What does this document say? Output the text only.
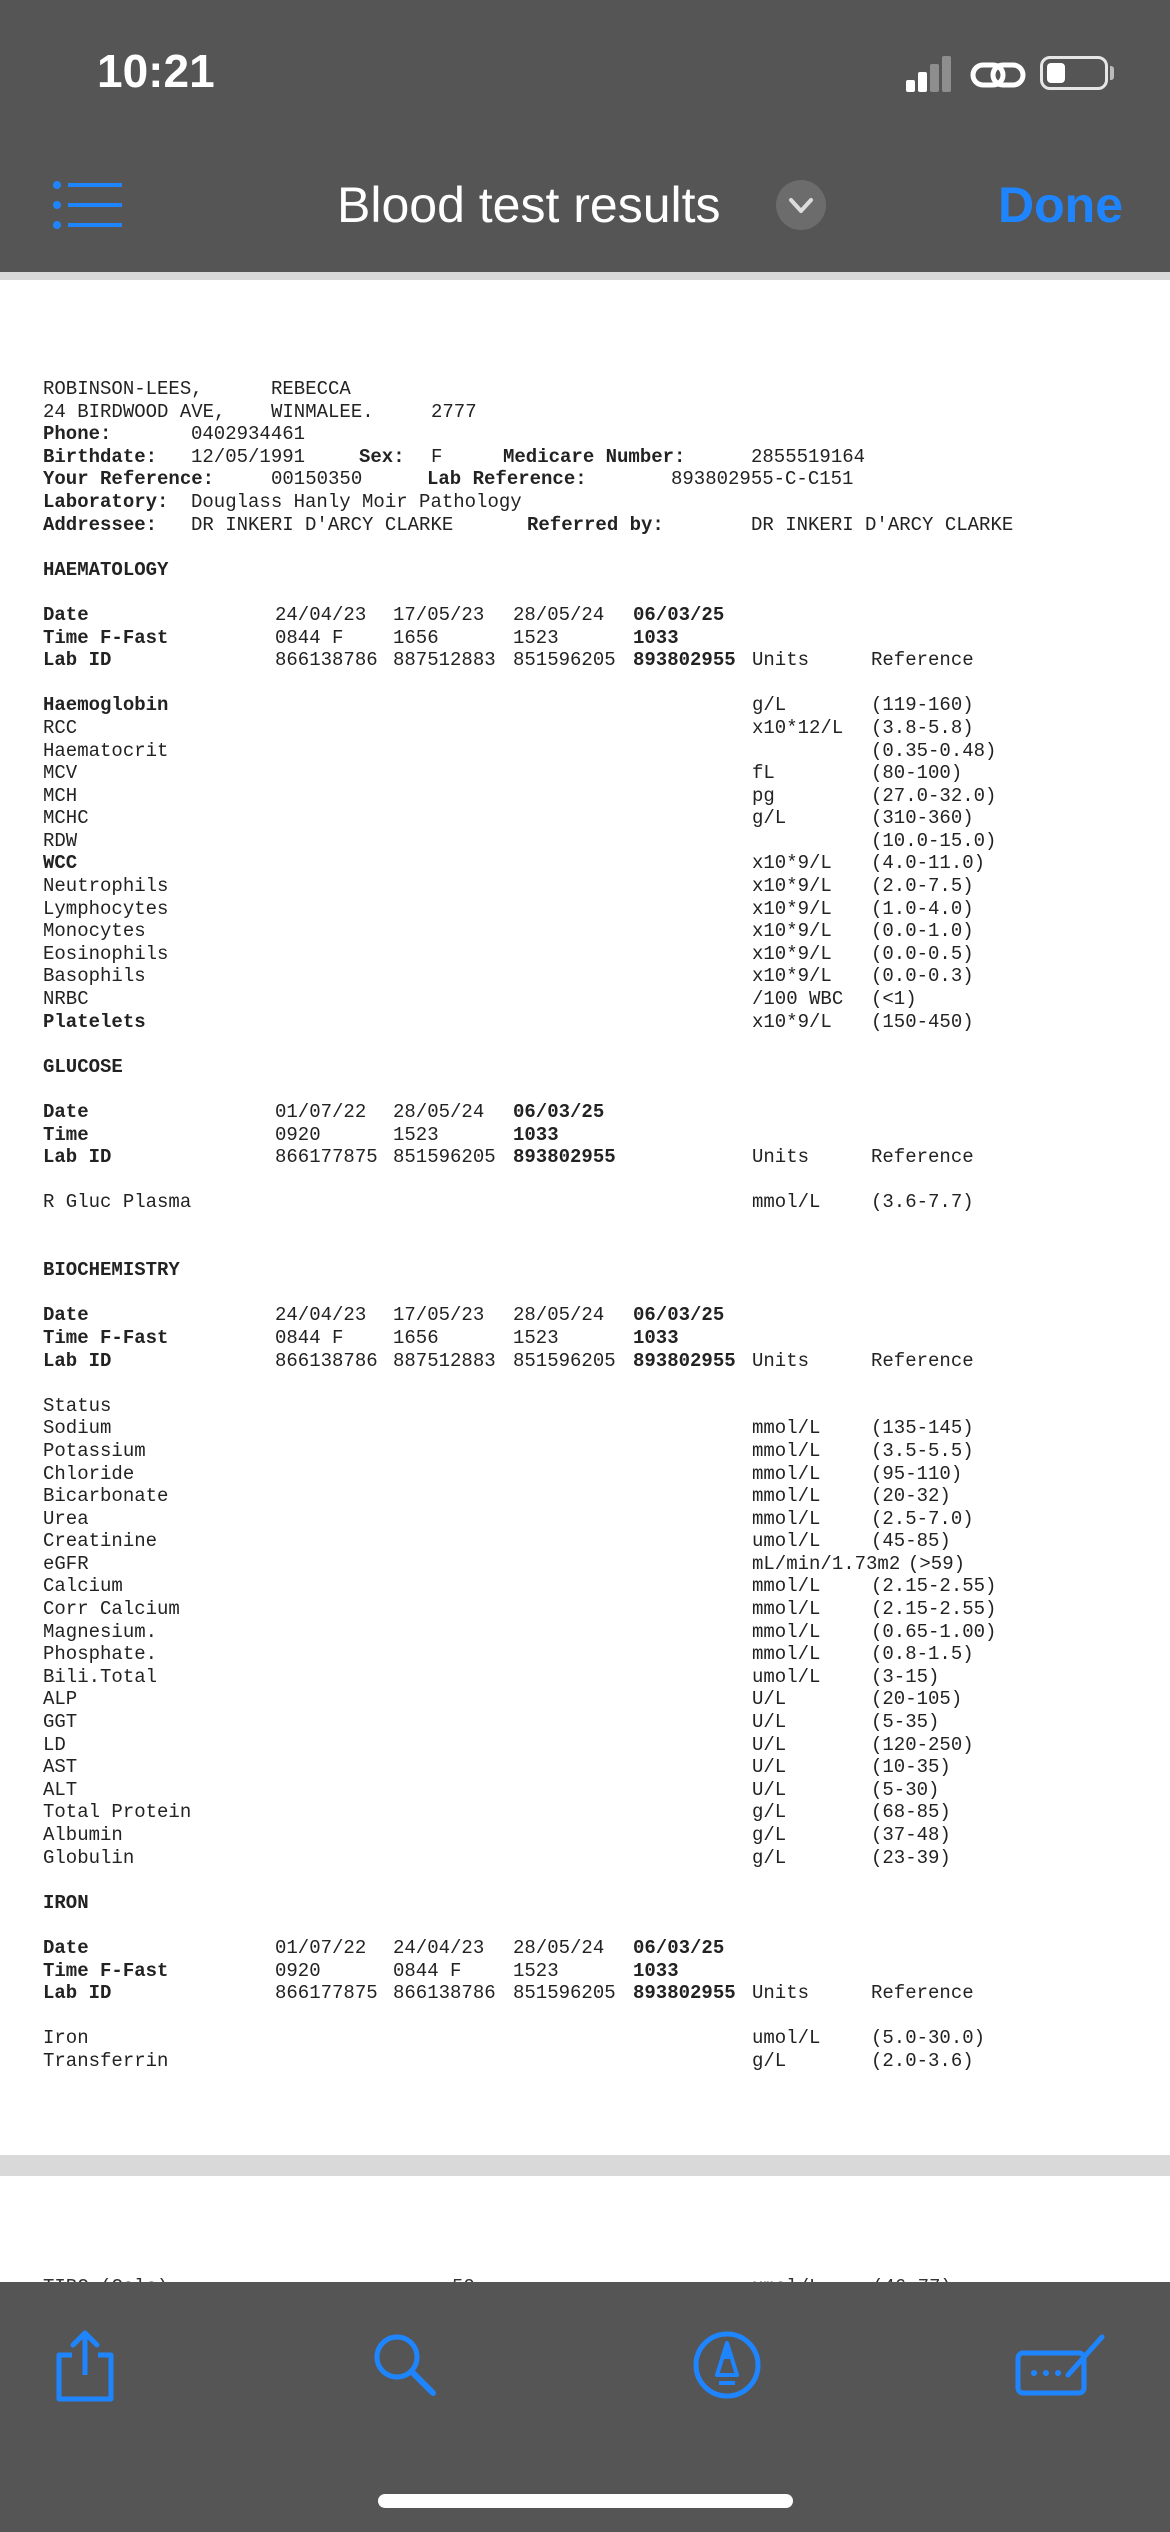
10:21
Blood test results	Done
ROBINSON-LEES,	REBECCA
24 BIRDWOOD AVE, WINMALEE.	2777
Phone:	0402934461
Birthdate: 12/05/1991	Sex: F	Medicare Number:	2855519164
Your Reference:	00150350	Lab Reference:	893802955-C-C151
Laboratory: Douglass Hanly Moir Pathology
Addressee: DR INKERI D'ARCY CLARKE	Referred by:	DR INKERI D'ARCY CLARKE
HAEMATOLOGY
Date	24/04/23 17/05/23 28/05/24 06/03/25
Time F-Fast	0844 F	1656	1523	1033
Lab ID	866138786 887512883 851596205 893802955 Units	Reference
Haemoglobin	g/L	(119-160)
RCC	x10*12/L (3.8-5.8)
Haematocrit	(0.35-0.48)
MCV	fL	(80-100)
MCH	pg	(27.0-32.0)
MCHC	g/L	(310-360)
RDW	(10.0-15.0)
WCC	x10*9/L (4.0-11.0)
Neutrophils	x10*9/L (2.0-7.5)
Lymphocytes	x10*9/L (1.0-4.0)
Monocytes	x10*9/L (0.0-1.0)
Eosinophils	x10*9/L (0.0-0.5)
Basophils	x10*9/L (0.0-0.3)
NRBC	/100 WBC (<1)
Platelets	x10*9/L (150-450)
GLUCOSE
Date	01/07/22 28/05/24 06/03/25
Time	0920	1523	1033
Lab ID	866177875 851596205 893802955	Units	Reference
R Gluc Plasma	mmol/L	(3.6-7.7)
BIOCHEMISTRY
Date	24/04/23 17/05/23 28/05/24 06/03/25
Time F-Fast	0844 F	1656	1523	1033
Lab ID	866138786 887512883 851596205 893802955 Units	Reference
Status
Sodium	mmol/L	(135-145)
Potassium	mmol/L	(3.5-5.5)
Chloride	mmol/L	(95-110)
Bicarbonate	mmol/L	(20-32)
Urea	mmol/L	(2.5-7.0)
Creatinine	umol/L	(45-85)
eGFR	mL/min/1.73m2 (>59)
Calcium	mmol/L	(2.15-2.55)
Corr Calcium	mmol/L	(2.15-2.55)
Magnesium.	mmol/L	(0.65-1.00)
Phosphate.	mmol/L	(0.8-1.5)
Bili.Total	umol/L	(3-15)
ALP	U/L	(20-105)
GGT	U/L	(5-35)
LD	U/L	(120-250)
AST	U/L	(10-35)
ALT	U/L	(5-30)
Total Protein	g/L	(68-85)
Albumin	g/L	(37-48)
Globulin	g/L	(23-39)
IRON
Date	01/07/22 24/04/23 28/05/24 06/03/25
Time F-Fast	0920	0844 F	1523	1033
Lab ID	866177875 866138786 851596205 893802955 Units	Reference
Iron	umol/L	(5.0-30.0)
Transferrin	g/L	(2.0-3.6)
